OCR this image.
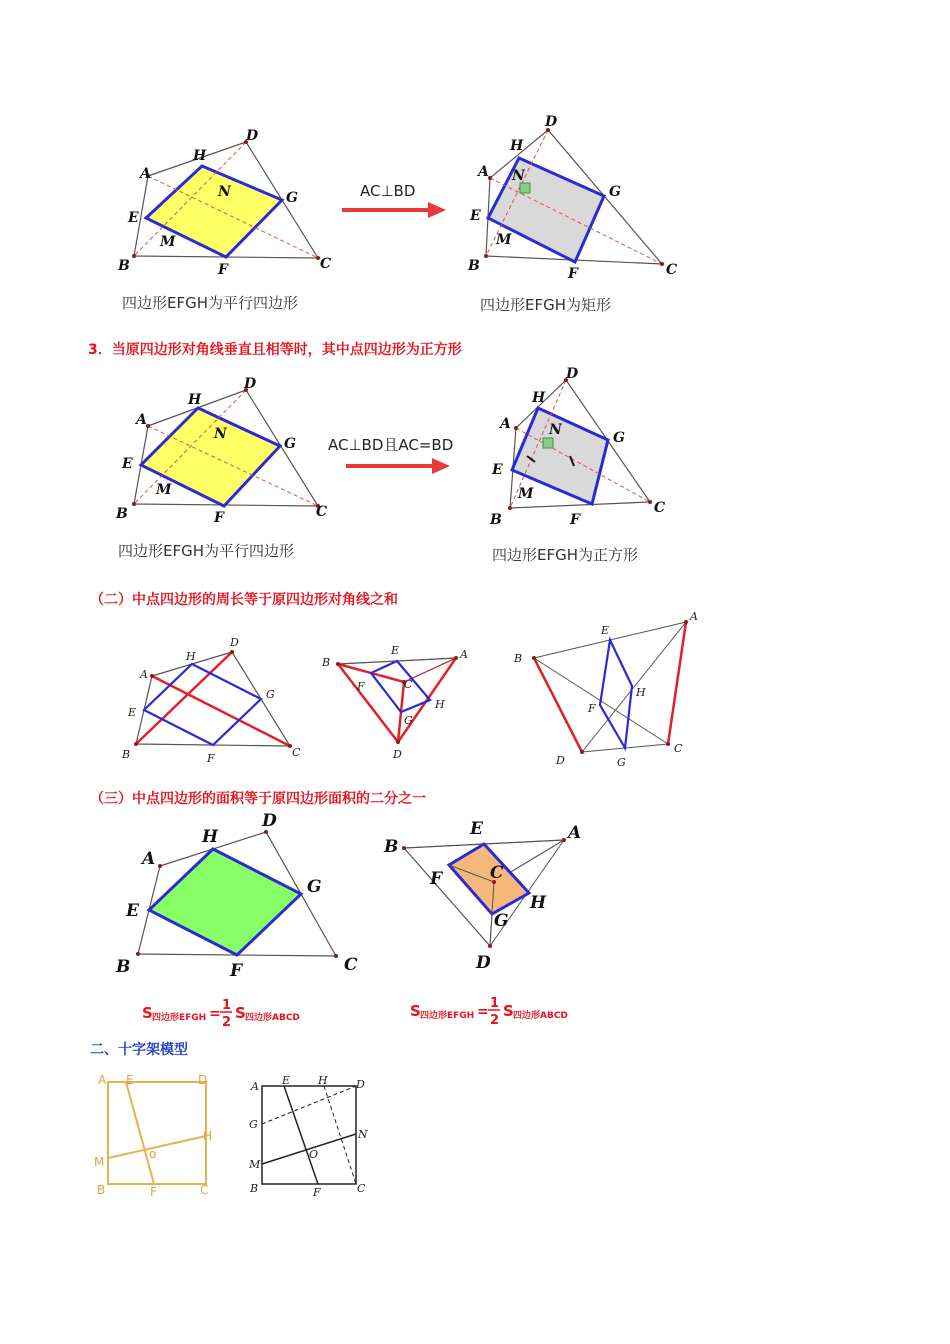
A
D
C
B
H
G
F
E
N
M
四边形EFGH为平行四边形
AC⊥BD
A
D
C
B
H
G
F
E
N
M
四边形EFGH为矩形
3．当原四边形对角线垂直且相等时，其中点四边形为正方形
A
D
C
B
H
G
F
E
N
M
四边形EFGH为平行四边形
AC⊥BD且AC=BD
A
D
C
B
H
G
F
E
N
M
四边形EFGH为正方形
（二）中点四边形的周长等于原四边形对角线之和
A
D
C
B
H
G
F
E
A
B
C
D
E
F
G
H
A
B
C
D
E
F
G
H
（三）中点四边形的面积等于原四边形面积的二分之一
A
D
C
B
H
G
F
E
A
B
C
D
E
F
G
H
S 四边形EFGH =
1
2
S 四边形ABCD	S 四边形EFGH =
1
2
S 四边形ABCD
二、十字架模型
A E	D
H
M
o
B	F	C
A E	H	D
G
N
O
M
B	F	C
